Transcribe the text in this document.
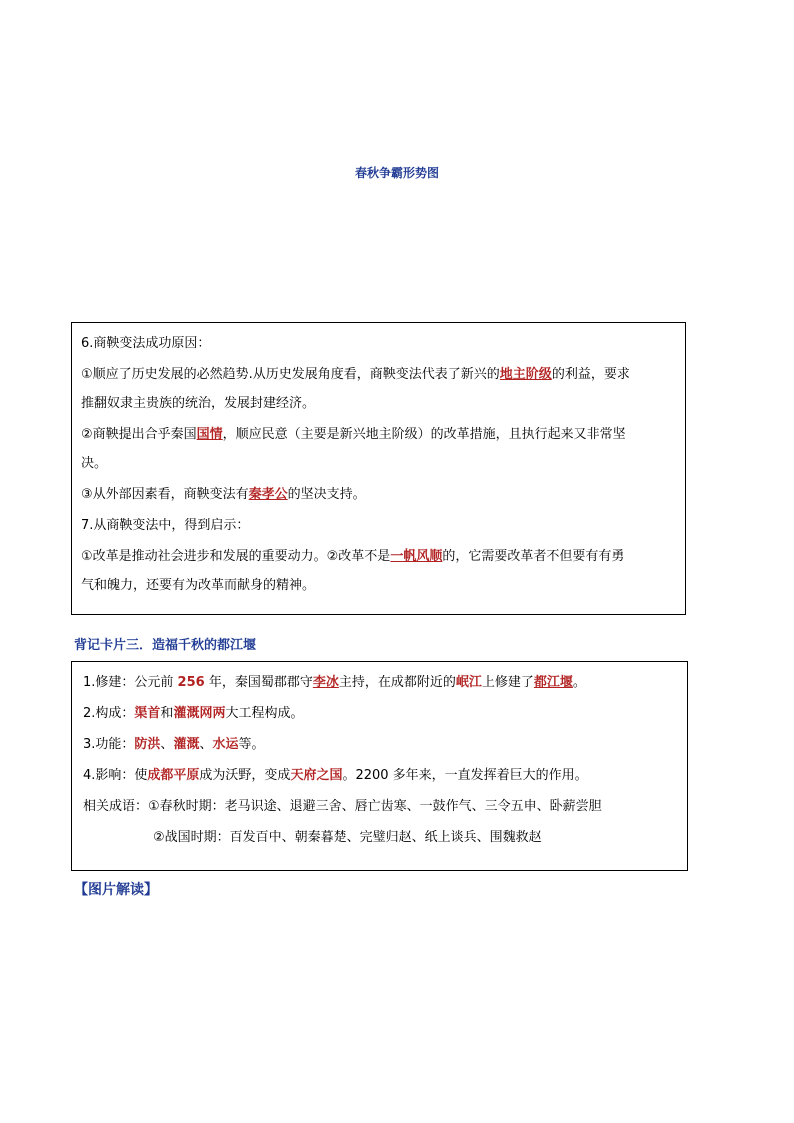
春秋争霸形势图
6.商鞅变法成功原因：
①顺应了历史发展的必然趋势.从历史发展角度看，商鞅变法代表了新兴的地主阶级的利益，要求
推翻奴隶主贵族的统治，发展封建经济。
②商鞅提出合乎秦国国情，顺应民意（主要是新兴地主阶级）的改革措施，且执行起来又非常坚
决。
③从外部因素看，商鞅变法有秦孝公的坚决支持。
7.从商鞅变法中，得到启示：
①改革是推动社会进步和发展的重要动力。②改革不是一帆风顺的，它需要改革者不但要有有勇
气和魄力，还要有为改革而献身的精神。
背记卡片三．造福千秋的都江堰
1.修建：公元前 256 年，秦国蜀郡郡守李冰主持，在成都附近的岷江上修建了都江堰。
2.构成：渠首和灌溉网两大工程构成。
3.功能：防洪、灌溉、水运等。
4.影响：使成都平原成为沃野，变成天府之国。2200 多年来，一直发挥着巨大的作用。
相关成语：①春秋时期：老马识途、退避三舍、唇亡齿寒、一鼓作气、三令五申、卧薪尝胆
②战国时期：百发百中、朝秦暮楚、完璧归赵、纸上谈兵、围魏救赵
【图片解读】
